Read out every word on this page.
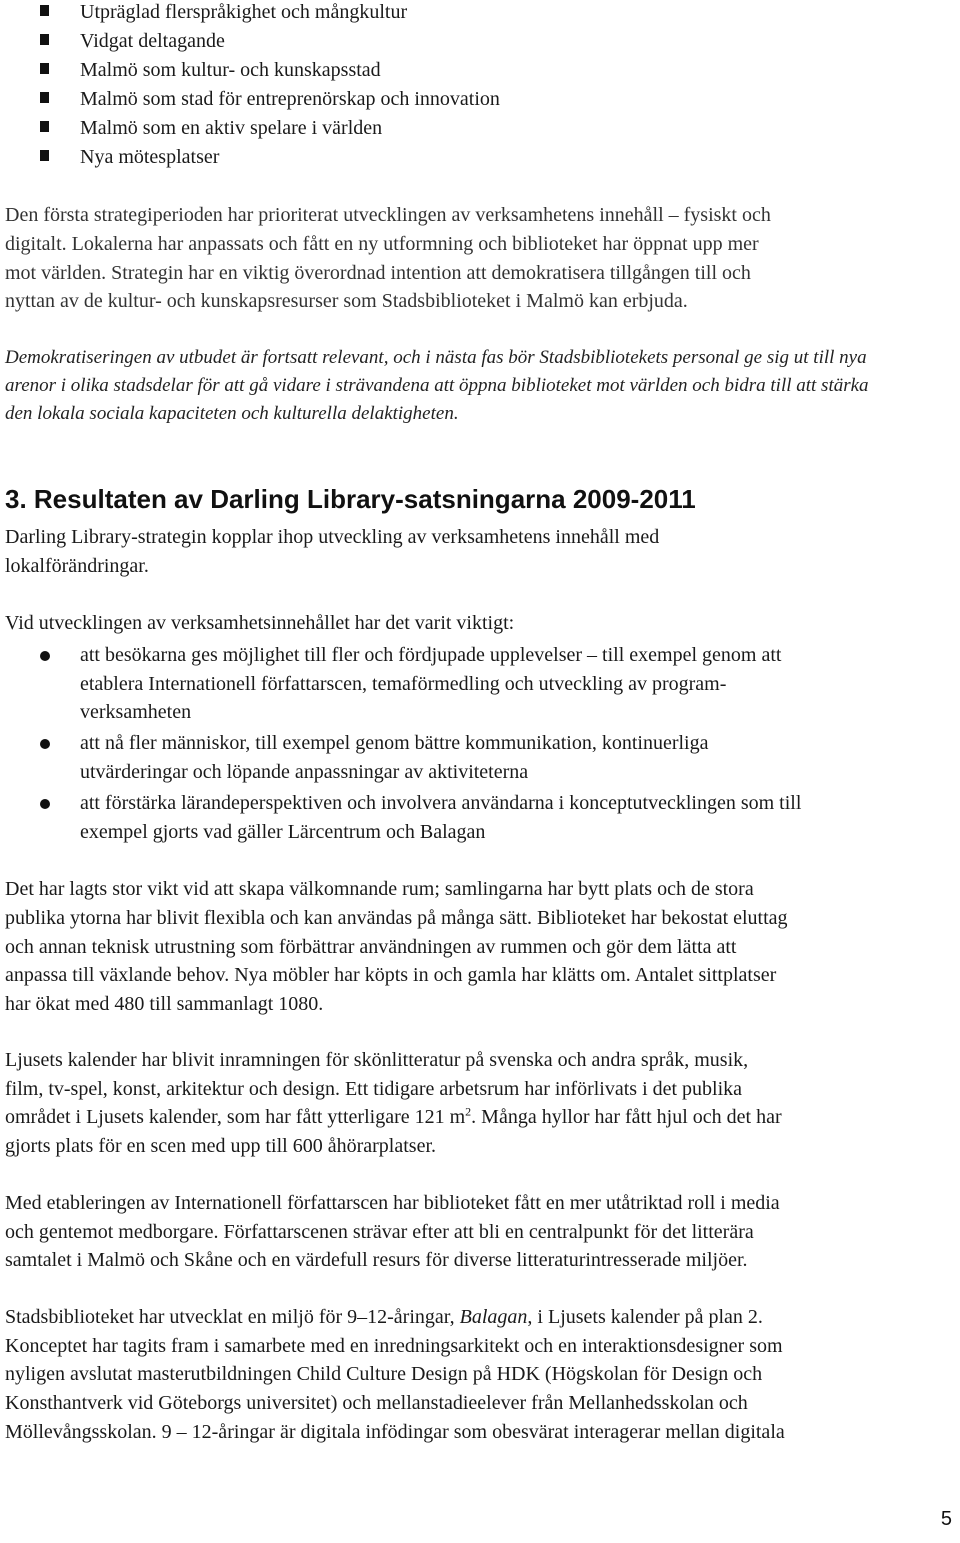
Utpräglad flerspråkighet och mångkultur
Vidgat deltagande
Malmö som kultur- och kunskapsstad
Malmö som stad för entreprenörskap och innovation
Malmö som en aktiv spelare i världen
Nya mötesplatser
Den första strategiperioden har prioriterat utvecklingen av verksamhetens innehåll – fysiskt och
digitalt. Lokalerna har anpassats och fått en ny utformning och biblioteket har öppnat upp mer
mot världen. Strategin har en viktig överordnad intention att demokratisera tillgången till och
nyttan av de kultur- och kunskapsresurser som Stadsbiblioteket i Malmö kan erbjuda.
Demokratiseringen av utbudet är fortsatt relevant, och i nästa fas bör Stadsbibliotekets personal ge sig ut till nya
arenor i olika stadsdelar för att gå vidare i strävandena att öppna biblioteket mot världen och bidra till att stärka
den lokala sociala kapaciteten och kulturella delaktigheten.
3. Resultaten av Darling Library-satsningarna 2009-2011
Darling Library-strategin kopplar ihop utveckling av verksamhetens innehåll med
lokalförändringar.
Vid utvecklingen av verksamhetsinnehållet har det varit viktigt:
att besökarna ges möjlighet till fler och fördjupade upplevelser – till exempel genom att
etablera Internationell författarscen, temaförmedling och utveckling av program-
verksamheten
att nå fler människor, till exempel genom bättre kommunikation, kontinuerliga
utvärderingar och löpande anpassningar av aktiviteterna
att förstärka lärandeperspektiven och involvera användarna i konceptutvecklingen som till
exempel gjorts vad gäller Lärcentrum och Balagan
Det har lagts stor vikt vid att skapa välkomnande rum; samlingarna har bytt plats och de stora
publika ytorna har blivit flexibla och kan användas på många sätt. Biblioteket har bekostat eluttag
och annan teknisk utrustning som förbättrar användningen av rummen och gör dem lätta att
anpassa till växlande behov. Nya möbler har köpts in och gamla har klätts om. Antalet sittplatser
har ökat med 480 till sammanlagt 1080.
Ljusets kalender har blivit inramningen för skönlitteratur på svenska och andra språk, musik,
film, tv-spel, konst, arkitektur och design. Ett tidigare arbetsrum har införlivats i det publika
området i Ljusets kalender, som har fått ytterligare 121 $m^2$. Många hyllor har fått hjul och det har
gjorts plats för en scen med upp till 600 åhörarplatser.
Med etableringen av Internationell författarscen har biblioteket fått en mer utåtriktad roll i media
och gentemot medborgare. Författarscenen strävar efter att bli en centralpunkt för det litterära
samtalet i Malmö och Skåne och en värdefull resurs för diverse litteraturintresserade miljöer.
Stadsbiblioteket har utvecklat en miljö för 9–12-åringar, Balagan, i Ljusets kalender på plan 2.
Konceptet har tagits fram i samarbete med en inredningsarkitekt och en interaktionsdesigner som
nyligen avslutat masterutbildningen Child Culture Design på HDK (Högskolan för Design och
Konsthantverk vid Göteborgs universitet) och mellanstadieelever från Mellanhedsskolan och
Möllevångsskolan. 9 – 12-åringar är digitala infödingar som obesvärat interagerar mellan digitala
5
